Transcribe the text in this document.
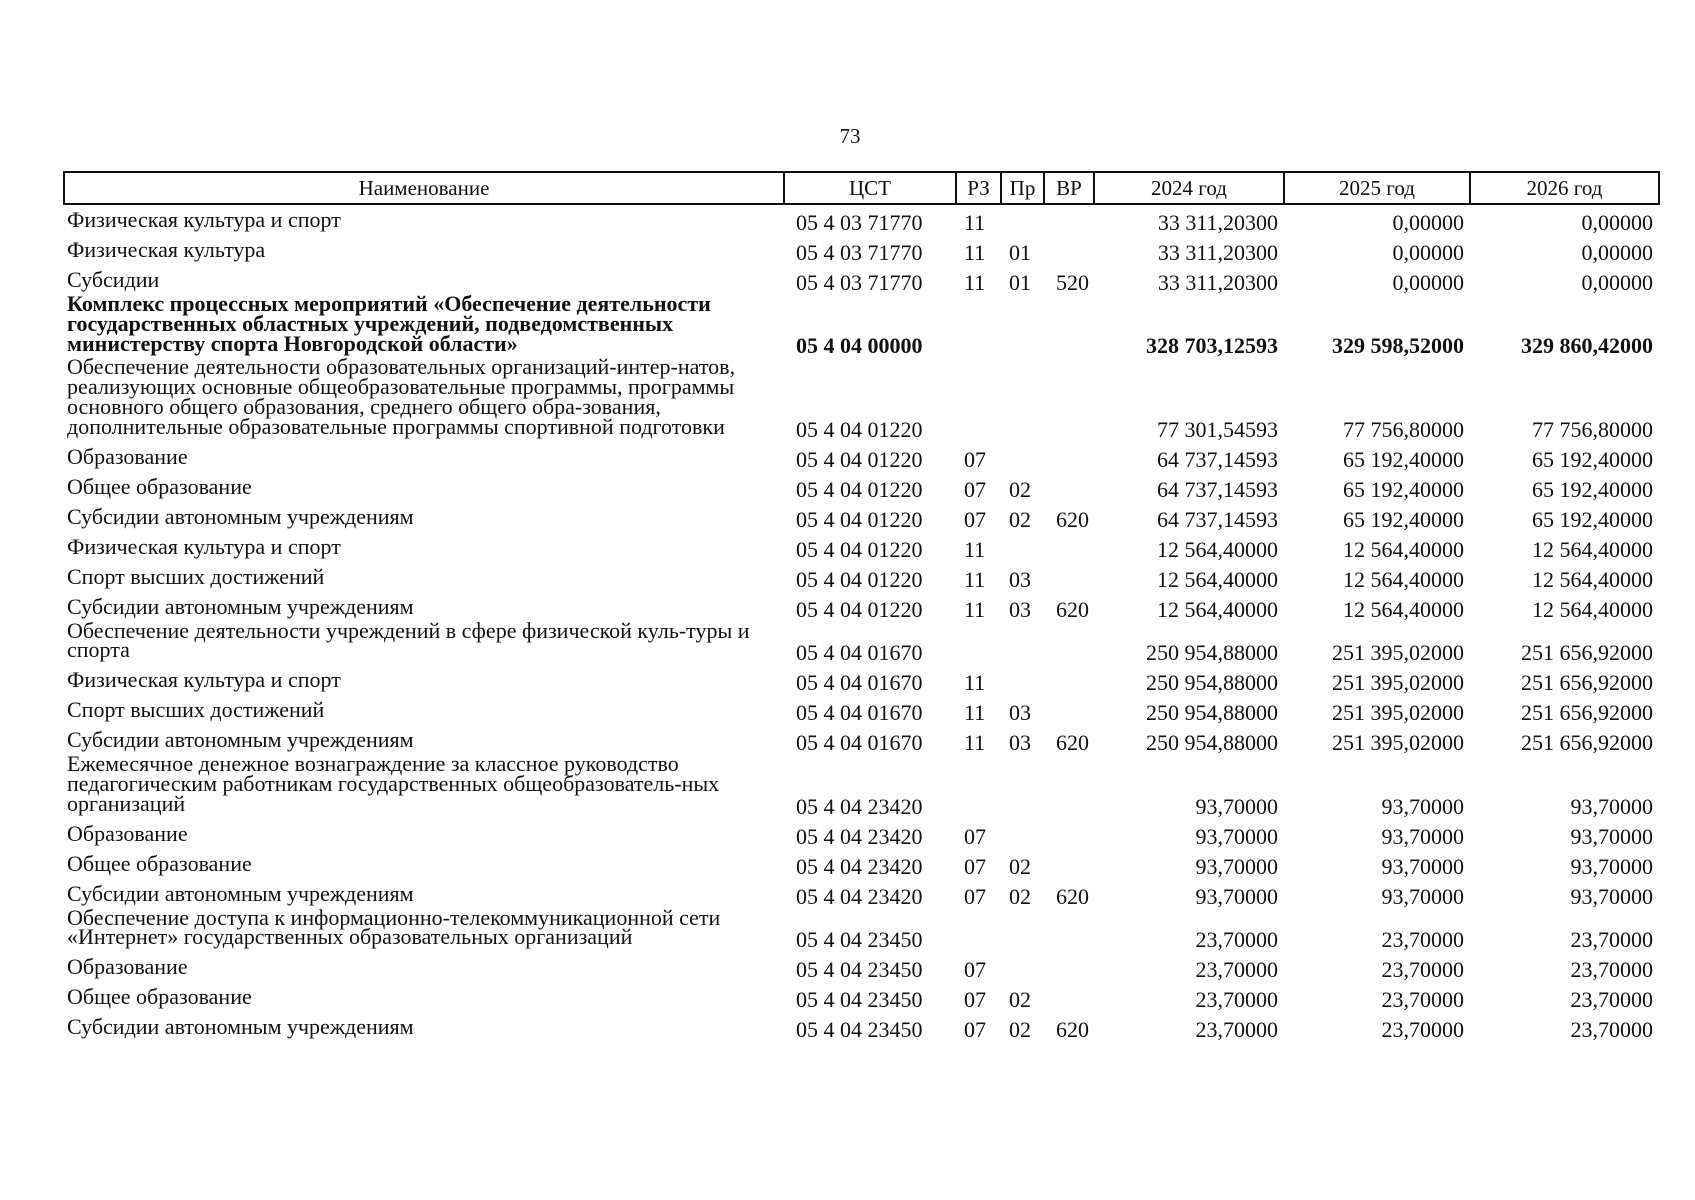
73
Наименование	ЦСТ	РЗ	Пр	ВР	2024 год	2025 год	2026 год
Физическая культура и спорт	05 4 03 71770	11			33 311,20300	0,00000	0,00000
Физическая культура	05 4 03 71770	11	01		33 311,20300	0,00000	0,00000
Субсидии	05 4 03 71770	11	01	520	33 311,20300	0,00000	0,00000
Комплекс процессных мероприятий «Обеспечение деятельности государственных областных учреждений, подведомственных министерству спорта Новгородской области»	05 4 04 00000				328 703,12593	329 598,52000	329 860,42000
Обеспечение деятельности образовательных организаций-интер-натов, реализующих основные общеобразовательные программы, программы основного общего образования, среднего общего обра-зования, дополнительные образовательные программы спортивной подготовки	05 4 04 01220				77 301,54593	77 756,80000	77 756,80000
Образование	05 4 04 01220	07			64 737,14593	65 192,40000	65 192,40000
Общее образование	05 4 04 01220	07	02		64 737,14593	65 192,40000	65 192,40000
Субсидии автономным учреждениям	05 4 04 01220	07	02	620	64 737,14593	65 192,40000	65 192,40000
Физическая культура и спорт	05 4 04 01220	11			12 564,40000	12 564,40000	12 564,40000
Спорт высших достижений	05 4 04 01220	11	03		12 564,40000	12 564,40000	12 564,40000
Субсидии автономным учреждениям	05 4 04 01220	11	03	620	12 564,40000	12 564,40000	12 564,40000
Обеспечение деятельности учреждений в сфере физической куль-туры и спорта	05 4 04 01670				250 954,88000	251 395,02000	251 656,92000
Физическая культура и спорт	05 4 04 01670	11			250 954,88000	251 395,02000	251 656,92000
Спорт высших достижений	05 4 04 01670	11	03		250 954,88000	251 395,02000	251 656,92000
Субсидии автономным учреждениям	05 4 04 01670	11	03	620	250 954,88000	251 395,02000	251 656,92000
Ежемесячное денежное вознаграждение за классное руководство педагогическим работникам государственных общеобразователь-ных организаций	05 4 04 23420				93,70000	93,70000	93,70000
Образование	05 4 04 23420	07			93,70000	93,70000	93,70000
Общее образование	05 4 04 23420	07	02		93,70000	93,70000	93,70000
Субсидии автономным учреждениям	05 4 04 23420	07	02	620	93,70000	93,70000	93,70000
Обеспечение доступа к информационно-телекоммуникационной сети «Интернет» государственных образовательных организаций	05 4 04 23450				23,70000	23,70000	23,70000
Образование	05 4 04 23450	07			23,70000	23,70000	23,70000
Общее образование	05 4 04 23450	07	02		23,70000	23,70000	23,70000
Субсидии автономным учреждениям	05 4 04 23450	07	02	620	23,70000	23,70000	23,70000
